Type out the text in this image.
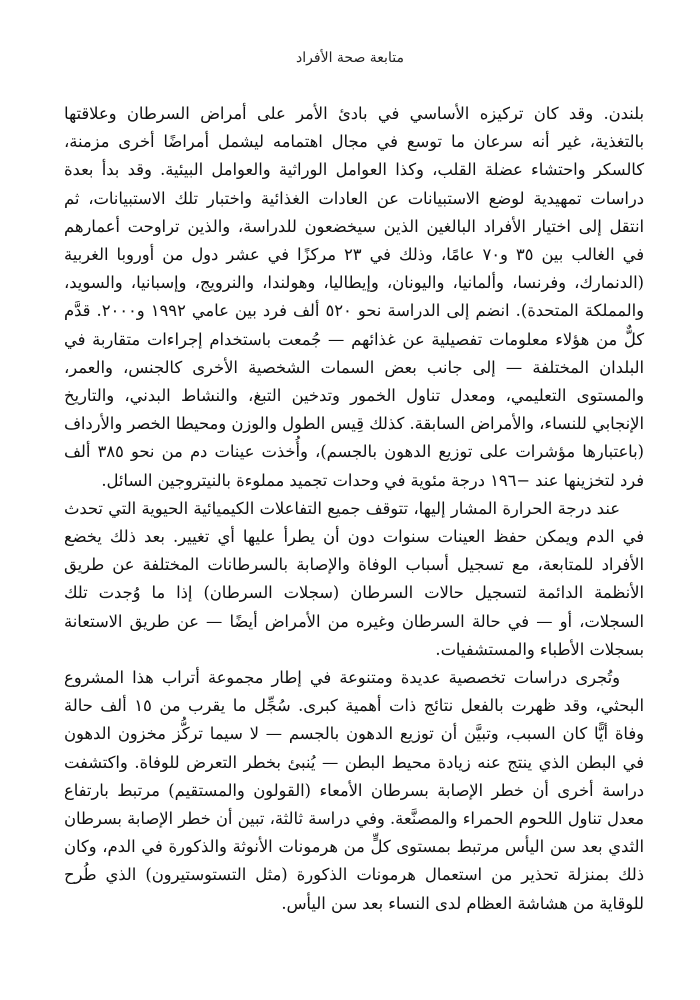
متابعة صحة الأفراد

بلندن. وقد كان تركيزه الأساسي في بادئ الأمر على أمراض السرطان وعلاقتها بالتغذية، غير أنه سرعان ما توسع في مجال اهتمامه ليشمل أمراضًا أخرى مزمنة، كالسكر واحتشاء عضلة القلب، وكذا العوامل الوراثية والعوامل البيئية. وقد بدأ بعدة دراسات تمهيدية لوضع الاستبيانات عن العادات الغذائية واختبار تلك الاستبيانات، ثم انتقل إلى اختيار الأفراد البالغين الذين سيخضعون للدراسة، والذين تراوحت أعمارهم في الغالب بين ٣٥ و٧٠ عامًا، وذلك في ٢٣ مركزًا في عشر دول من أوروبا الغربية (الدنمارك، وفرنسا، وألمانيا، واليونان، وإيطاليا، وهولندا، والنرويج، وإسبانيا، والسويد، والمملكة المتحدة). انضم إلى الدراسة نحو ٥٢٠ ألف فرد بين عامي ١٩٩٢ و٢٠٠٠. قدَّم كلٌّ من هؤلاء معلومات تفصيلية عن غذائهم — جُمعت باستخدام إجراءات متقاربة في البلدان المختلفة — إلى جانب بعض السمات الشخصية الأخرى كالجنس، والعمر، والمستوى التعليمي، ومعدل تناول الخمور وتدخين التبغ، والنشاط البدني، والتاريخ الإنجابي للنساء، والأمراض السابقة. كذلك قِيس الطول والوزن ومحيطا الخصر والأرداف (باعتبارها مؤشرات على توزيع الدهون بالجسم)، وأُخذت عينات دم من نحو ٣٨٥ ألف فرد لتخزينها عند −١٩٦ درجة مئوية في وحدات تجميد مملوءة بالنيتروجين السائل.

عند درجة الحرارة المشار إليها، تتوقف جميع التفاعلات الكيميائية الحيوية التي تحدث في الدم ويمكن حفظ العينات سنوات دون أن يطرأ عليها أي تغيير. بعد ذلك يخضع الأفراد للمتابعة، مع تسجيل أسباب الوفاة والإصابة بالسرطانات المختلفة عن طريق الأنظمة الدائمة لتسجيل حالات السرطان (سجلات السرطان) إذا ما وُجدت تلك السجلات، أو — في حالة السرطان وغيره من الأمراض أيضًا — عن طريق الاستعانة بسجلات الأطباء والمستشفيات.

وتُجرى دراسات تخصصية عديدة ومتنوعة في إطار مجموعة أتراب هذا المشروع البحثي، وقد ظهرت بالفعل نتائج ذات أهمية كبرى. سُجِّل ما يقرب من ١٥ ألف حالة وفاة أيًّا كان السبب، وتبيَّن أن توزيع الدهون بالجسم — لا سيما تركُّز مخزون الدهون في البطن الذي ينتج عنه زيادة محيط البطن — يُنبئ بخطر التعرض للوفاة. واكتشفت دراسة أخرى أن خطر الإصابة بسرطان الأمعاء (القولون والمستقيم) مرتبط بارتفاع معدل تناول اللحوم الحمراء والمصنَّعة. وفي دراسة ثالثة، تبين أن خطر الإصابة بسرطان الثدي بعد سن اليأس مرتبط بمستوى كلٍّ من هرمونات الأنوثة والذكورة في الدم، وكان ذلك بمنزلة تحذير من استعمال هرمونات الذكورة (مثل التستوستيرون) الذي طُرح للوقاية من هشاشة العظام لدى النساء بعد سن اليأس.
